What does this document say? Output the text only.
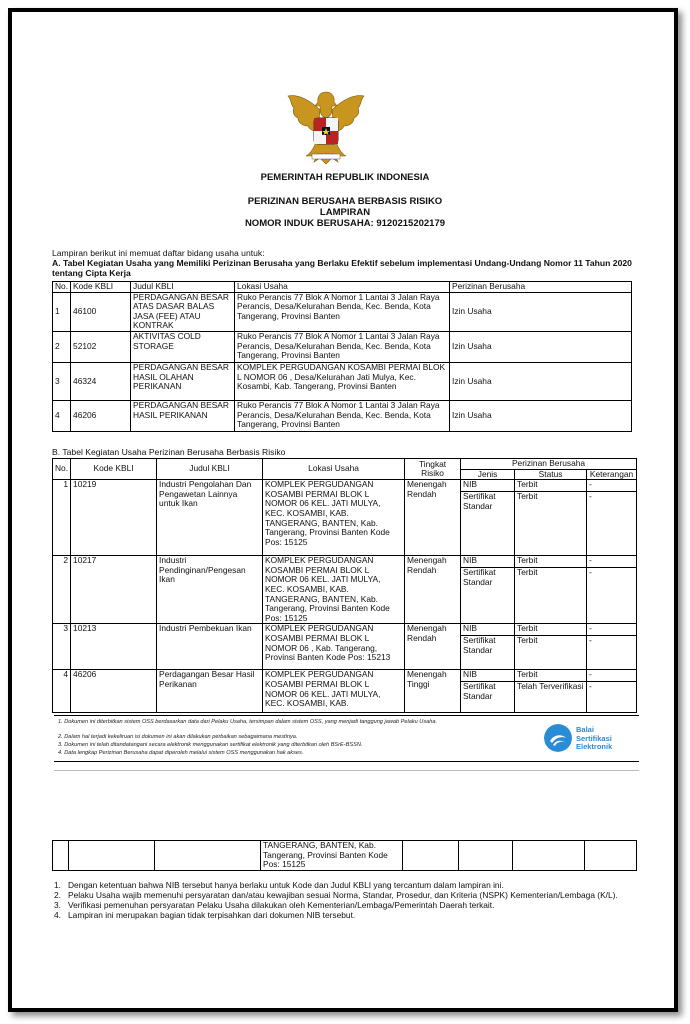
PEMERINTAH REPUBLIK INDONESIA
PERIZINAN BERUSAHA BERBASIS RISIKO
LAMPIRAN
NOMOR INDUK BERUSAHA: 9120215202179
Lampiran berikut ini memuat daftar bidang usaha untuk:
A. Tabel Kegiatan Usaha yang Memiliki Perizinan Berusaha yang Berlaku Efektif sebelum implementasi Undang-Undang Nomor 11 Tahun 2020 tentang Cipta Kerja
No.	Kode KBLI	Judul KBLI	Lokasi Usaha	Perizinan Berusaha
1	46100	PERDAGANGAN BESAR ATAS DASAR BALAS JASA (FEE) ATAU KONTRAK	Ruko Perancis 77 Blok A Nomor 1 Lantai 3 Jalan Raya Perancis, Desa/Kelurahan Benda, Kec. Benda, Kota Tangerang, Provinsi Banten	Izin Usaha
2	52102	AKTIVITAS COLD STORAGE	Ruko Perancis 77 Blok A Nomor 1 Lantai 3 Jalan Raya Perancis, Desa/Kelurahan Benda, Kec. Benda, Kota Tangerang, Provinsi Banten	Izin Usaha
3	46324	PERDAGANGAN BESAR HASIL OLAHAN PERIKANAN	KOMPLEK PERGUDANGAN KOSAMBI PERMAI BLOK L NOMOR 06 , Desa/Kelurahan Jati Mulya, Kec. Kosambi, Kab. Tangerang, Provinsi Banten	Izin Usaha
4	46206	PERDAGANGAN BESAR HASIL PERIKANAN	Ruko Perancis 77 Blok A Nomor 1 Lantai 3 Jalan Raya Perancis, Desa/Kelurahan Benda, Kec. Benda, Kota Tangerang, Provinsi Banten	Izin Usaha
B. Tabel Kegiatan Usaha Perizinan Berusaha Berbasis Risiko
No.	Kode KBLI	Judul KBLI	Lokasi Usaha	Tingkat Risiko	Perizinan Berusaha		
					Jenis	Status	Keterangan
1	10219	Industri Pengolahan Dan Pengawetan Lainnya untuk Ikan	KOMPLEK PERGUDANGAN KOSAMBI PERMAI BLOK L NOMOR 06 KEL. JATI MULYA, KEC. KOSAMBI, KAB. TANGERANG, BANTEN, Kab. Tangerang, Provinsi Banten Kode Pos: 15125	Menengah Rendah	NIB	Terbit	-
					Sertifikat Standar	Terbit	-
2	10217	Industri Pendinginan/Pengesan Ikan	KOMPLEK PERGUDANGAN KOSAMBI PERMAI BLOK L NOMOR 06 KEL. JATI MULYA, KEC. KOSAMBI, KAB. TANGERANG, BANTEN, Kab. Tangerang, Provinsi Banten Kode Pos: 15125	Menengah Rendah	NIB	Terbit	-
					Sertifikat Standar	Terbit	-
3	10213	Industri Pembekuan Ikan	KOMPLEK PERGUDANGAN KOSAMBI PERMAI BLOK L NOMOR 06 , Kab. Tangerang, Provinsi Banten Kode Pos: 15213	Menengah Rendah	NIB	Terbit	-
					Sertifikat Standar	Terbit	-
4	46206	Perdagangan Besar Hasil Perikanan	KOMPLEK PERGUDANGAN KOSAMBI PERMAI BLOK L NOMOR 06 KEL. JATI MULYA, KEC. KOSAMBI, KAB.	Menengah Tinggi	NIB	Terbit	-
					Sertifikat Standar	Telah Terverifikasi	-
1. Dokumen ini diterbitkan sistem OSS berdasarkan data dari Pelaku Usaha, tersimpan dalam sistem OSS, yang menjadi tanggung jawab Pelaku Usaha.
2. Dalam hal terjadi kekeliruan isi dokumen ini akan dilakukan perbaikan sebagaimana mestinya.
3. Dokumen ini telah ditandatangani secara elektronik menggunakan sertifikat elektronik yang diterbitkan oleh BSrE-BSSN.
4. Data lengkap Perizinan Berusaha dapat diperoleh melalui sistem OSS menggunakan hak akses.
Balai
Sertifikasi
Elektronik
			TANGERANG, BANTEN, Kab. Tangerang, Provinsi Banten Kode Pos: 15125				
1. Dengan ketentuan bahwa NIB tersebut hanya berlaku untuk Kode dan Judul KBLI yang tercantum dalam lampiran ini.
2. Pelaku Usaha wajib memenuhi persyaratan dan/atau kewajiban sesuai Norma, Standar, Prosedur, dan Kriteria (NSPK) Kementerian/Lembaga (K/L).
3. Verifikasi pemenuhan persyaratan Pelaku Usaha dilakukan oleh Kementerian/Lembaga/Pemerintah Daerah terkait.
4. Lampiran ini merupakan bagian tidak terpisahkan dari dokumen NIB tersebut.
